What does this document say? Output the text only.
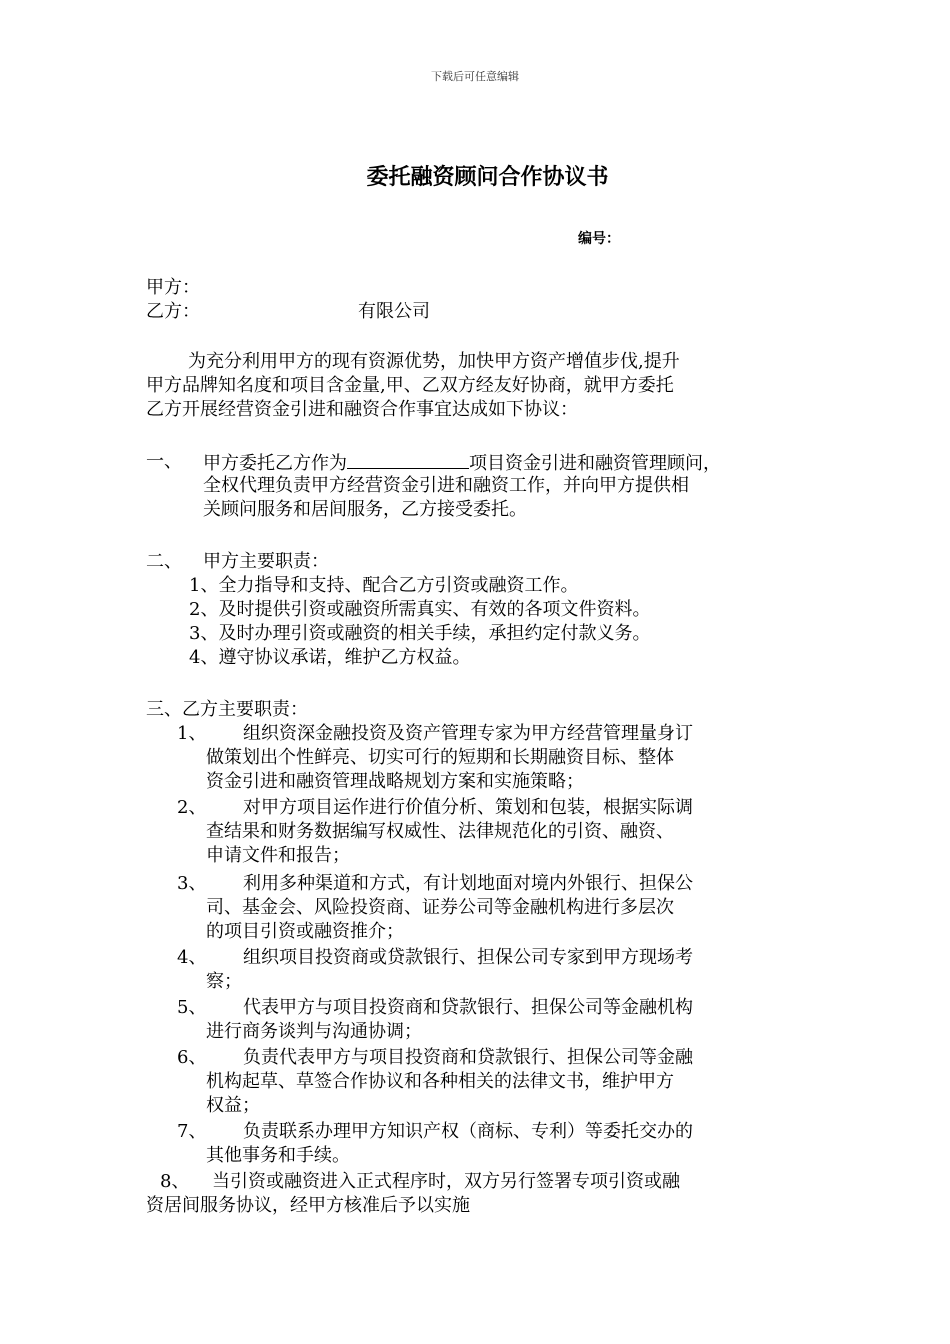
下载后可任意编辑
委托融资顾问合作协议书
编号：
甲方：
乙方：	有限公司
为充分利用甲方的现有资源优势，加快甲方资产增值步伐,提升
甲方品牌知名度和项目含金量,甲、乙双方经友好协商，就甲方委托
乙方开展经营资金引进和融资合作事宜达成如下协议：
一、 甲方委托乙方作为	项目资金引进和融资管理顾问，
全权代理负责甲方经营资金引进和融资工作，并向甲方提供相
关顾问服务和居间服务，乙方接受委托。
二、 甲方主要职责：
1、全力指导和支持、配合乙方引资或融资工作。
2、及时提供引资或融资所需真实、有效的各项文件资料。
3、及时办理引资或融资的相关手续，承担约定付款义务。
4、遵守协议承诺，维护乙方权益。
三、乙方主要职责：
1、 组织资深金融投资及资产管理专家为甲方经营管理量身订
做策划出个性鲜亮、切实可行的短期和长期融资目标、整体
资金引进和融资管理战略规划方案和实施策略；
2、 对甲方项目运作进行价值分析、策划和包装，根据实际调
查结果和财务数据编写权威性、法律规范化的引资、融资、
申请文件和报告；
3、 利用多种渠道和方式，有计划地面对境内外银行、担保公
司、基金会、风险投资商、证券公司等金融机构进行多层次
的项目引资或融资推介；
4、 组织项目投资商或贷款银行、担保公司专家到甲方现场考
察；
5、 代表甲方与项目投资商和贷款银行、担保公司等金融机构
进行商务谈判与沟通协调；
6、 负责代表甲方与项目投资商和贷款银行、担保公司等金融
机构起草、草签合作协议和各种相关的法律文书，维护甲方
权益；
7、 负责联系办理甲方知识产权（商标、专利）等委托交办的
其他事务和手续。
8、 当引资或融资进入正式程序时，双方另行签署专项引资或融
资居间服务协议，经甲方核准后予以实施
